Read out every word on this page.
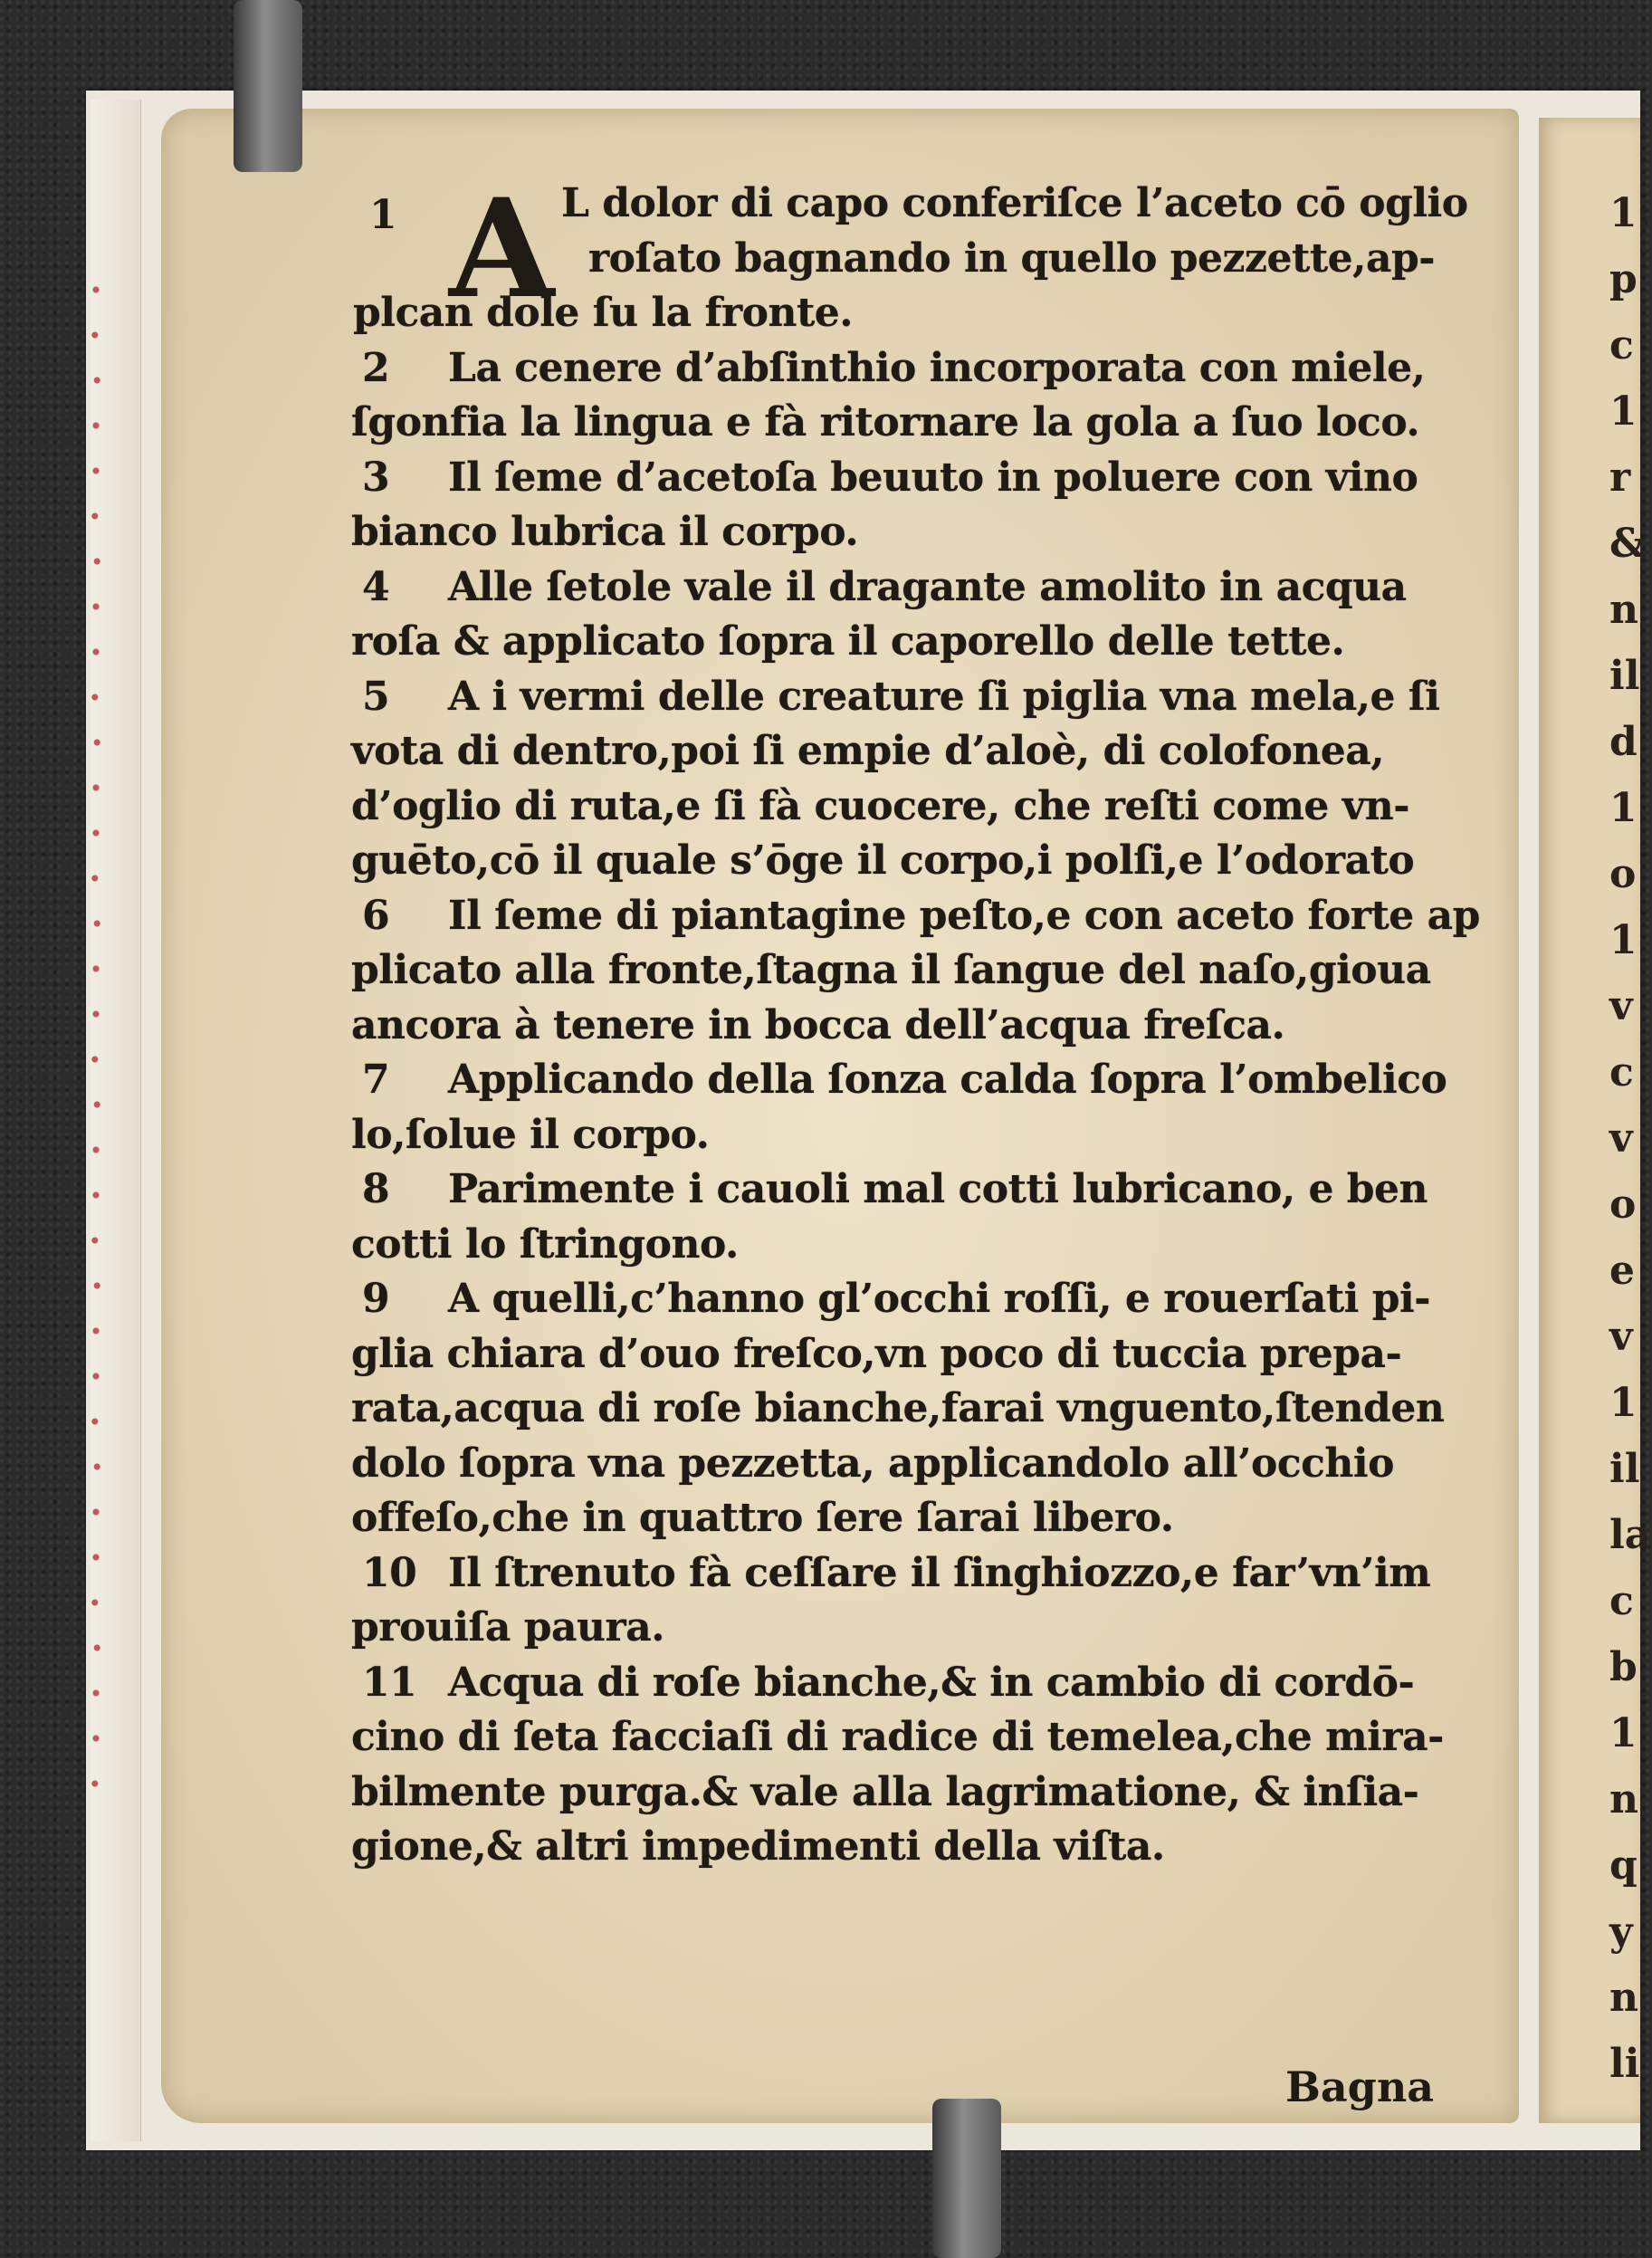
1:
p
c
1
r
&
n
il
d
1
o
1
v
c
v
o
e
v
1
il
la
c
b
1
n
q
y
n
li
1 A L dolor di capo conferiſce l’aceto cō oglio
roſato bagnando in quello pezzette,ap-
plcan dole ſu la fronte.
2	La cenere d’abſinthio incorporata con miele,
ſgonfia la lingua e fà ritornare la gola a ſuo loco.
3	Il ſeme d’acetoſa beuuto in poluere con vino
bianco lubrica il corpo.
4	Alle ſetole vale il dragante amolito in acqua
roſa & applicato ſopra il caporello delle tette.
5	A i vermi delle creature ſi piglia vna mela,e ſi
vota di dentro,poi ſi empie d’aloè, di colofonea,
d’oglio di ruta,e ſi fà cuocere, che reſti come vn-
guēto,cō il quale s’ōge il corpo,i polſi,e l’odorato
6	Il ſeme di piantagine peſto,e con aceto forte ap
plicato alla fronte,ſtagna il ſangue del naſo,gioua
ancora à tenere in bocca dell’acqua freſca.
7	Applicando della ſonza calda ſopra l’ombelico
lo,ſolue il corpo.
8	Parimente i cauoli mal cotti lubricano, e ben
cotti lo ſtringono.
9	A quelli,c’hanno gl’occhi roſſi, e rouerſati pi-
glia chiara d’ouo freſco,vn poco di tuccia prepa-
rata,acqua di roſe bianche,farai vnguento,ſtenden
dolo ſopra vna pezzetta, applicandolo all’occhio
offeſo,che in quattro ſere ſarai libero.
10 Il ſtrenuto fà ceſſare il ſinghiozzo,e far’vn’im
prouiſa paura.
11 Acqua di roſe bianche,& in cambio di cordō-
cino di ſeta facciaſi di radice di temelea,che mira-
bilmente purga.& vale alla lagrimatione, & inſia-
gione,& altri impedimenti della viſta.
Bagna
